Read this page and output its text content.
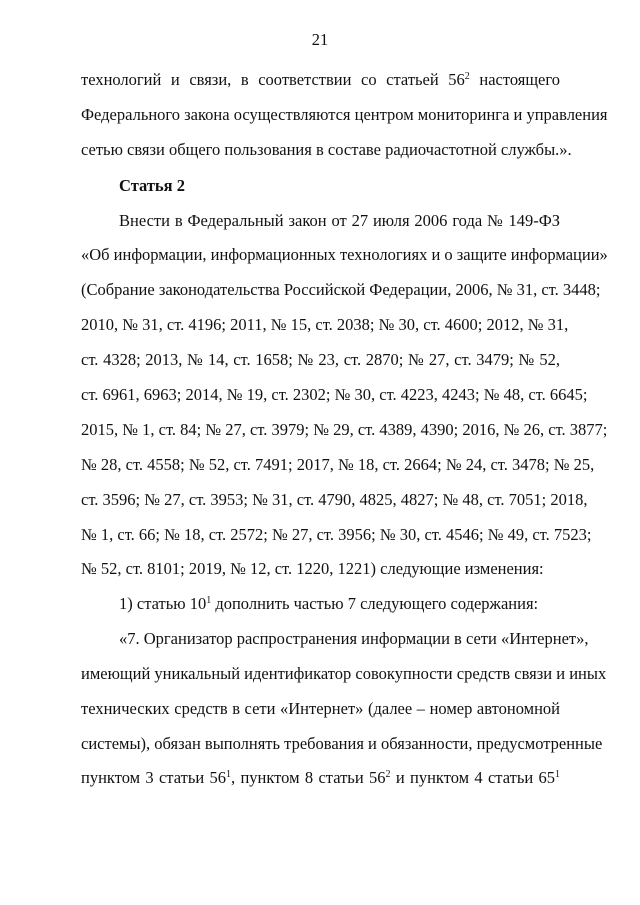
21
технологий и связи, в соответствии со статьей $56^2$ настоящего
Федерального закона осуществляются центром мониторинга и управления
сетью связи общего пользования в составе радиочастотной службы.».
Статья 2
Внести в Федеральный закон от 27 июля 2006 года № 149-ФЗ
«Об информации, информационных технологиях и о защите информации»
(Собрание законодательства Российской Федерации, 2006, № 31, ст. 3448;
2010, № 31, ст. 4196; 2011, № 15, ст. 2038; № 30, ст. 4600; 2012, № 31,
ст. 4328; 2013, № 14, ст. 1658; № 23, ст. 2870; № 27, ст. 3479; № 52,
ст. 6961, 6963; 2014, № 19, ст. 2302; № 30, ст. 4223, 4243; № 48, ст. 6645;
2015, № 1, ст. 84; № 27, ст. 3979; № 29, ст. 4389, 4390; 2016, № 26, ст. 3877;
№ 28, ст. 4558; № 52, ст. 7491; 2017, № 18, ст. 2664; № 24, ст. 3478; № 25,
ст. 3596; № 27, ст. 3953; № 31, ст. 4790, 4825, 4827; № 48, ст. 7051; 2018,
№ 1, ст. 66; № 18, ст. 2572; № 27, ст. 3956; № 30, ст. 4546; № 49, ст. 7523;
№ 52, ст. 8101; 2019, № 12, ст. 1220, 1221) следующие изменения:
1) статью $10^1$ дополнить частью 7 следующего содержания:
«7. Организатор распространения информации в сети «Интернет»,
имеющий уникальный идентификатор совокупности средств связи и иных
технических средств в сети «Интернет» (далее – номер автономной
системы), обязан выполнять требования и обязанности, предусмотренные
пунктом 3 статьи $56^1$, пунктом 8 статьи $56^2$ и пунктом 4 статьи $65^1$
